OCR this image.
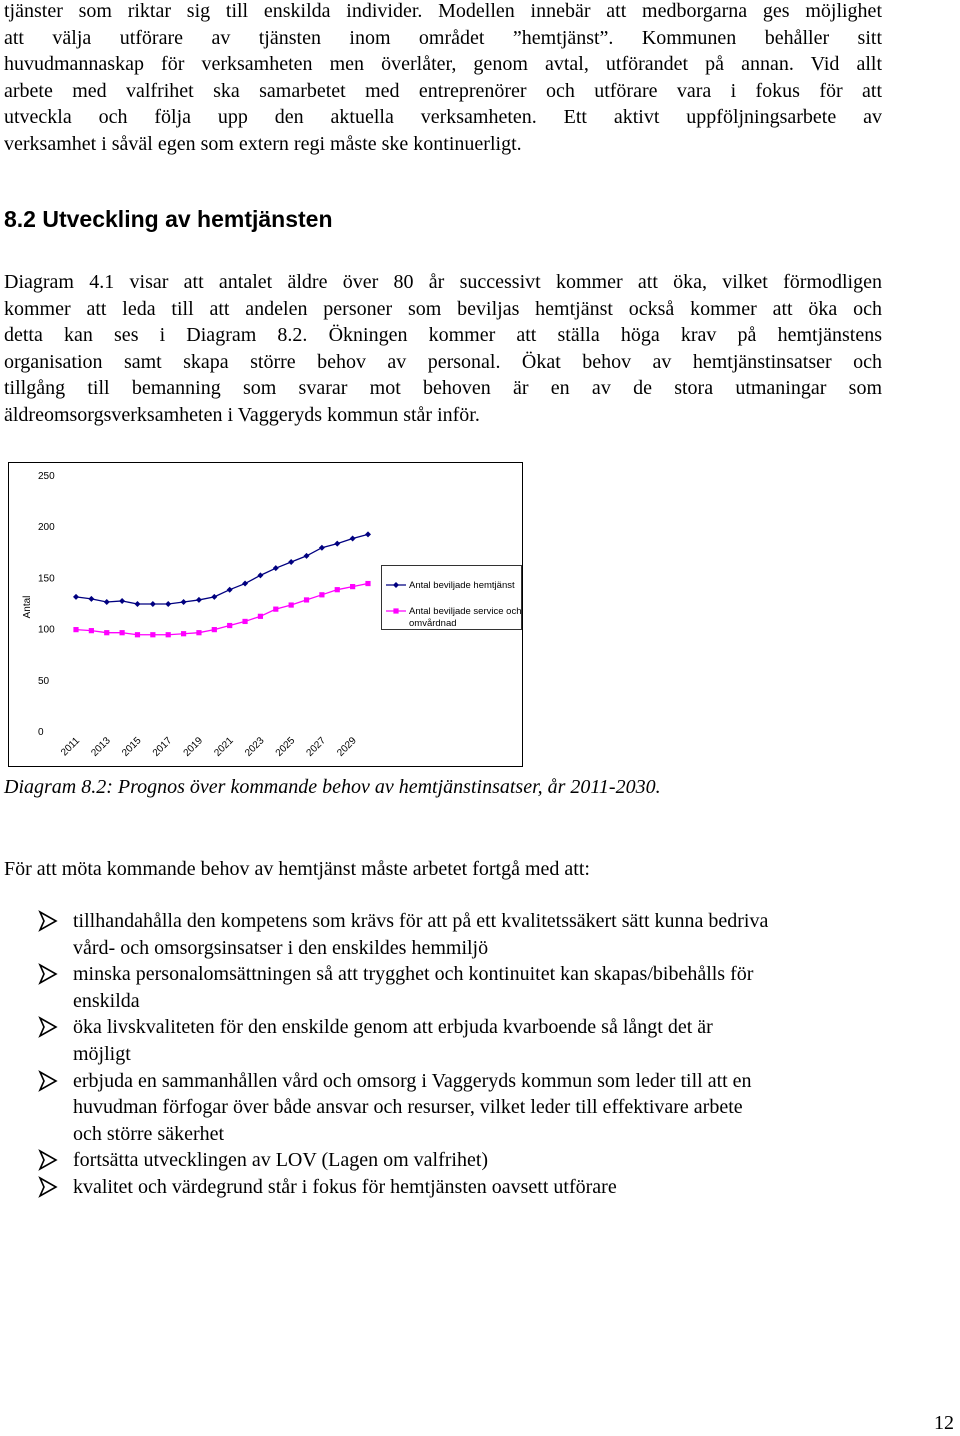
tjänster som riktar sig till enskilda individer. Modellen innebär att medborgarna ges möjlighet
att välja utförare av tjänsten inom området ”hemtjänst”. Kommunen behåller sitt
huvudmannaskap för verksamheten men överlåter, genom avtal, utförandet på annan. Vid allt
arbete med valfrihet ska samarbetet med entreprenörer och utförare vara i fokus för att
utveckla och följa upp den aktuella verksamheten. Ett aktivt uppföljningsarbete av
verksamhet i såväl egen som extern regi måste ske kontinuerligt.
8.2 Utveckling av hemtjänsten
Diagram 4.1 visar att antalet äldre över 80 år successivt kommer att öka, vilket förmodligen
kommer att leda till att andelen personer som beviljas hemtjänst också kommer att öka och
detta kan ses i Diagram 8.2. Ökningen kommer att ställa höga krav på hemtjänstens
organisation samt skapa större behov av personal. Ökat behov av hemtjänstinsatser och
tillgång till bemanning som svarar mot behoven är en av de stora utmaningar som
äldreomsorgsverksamheten i Vaggeryds kommun står inför.
0
50
100
150
200
250
Antal
2011 2013 2015 2017 2019 2021 2023 2025 2027 2029
Antal beviljade hemtjänst
Antal beviljade service och omvårdnad

Diagram 8.2: Prognos över kommande behov av hemtjänstinsatser, år 2011-2030.

För att möta kommande behov av hemtjänst måste arbetet fortgå med att:

tillhandahålla den kompetens som krävs för att på ett kvalitetssäkert sätt kunna bedriva
vård- och omsorgsinsatser i den enskildes hemmiljö
minska personalomsättningen så att trygghet och kontinuitet kan skapas/bibehålls för
enskilda
öka livskvaliteten för den enskilde genom att erbjuda kvarboende så långt det är
möjligt
erbjuda en sammanhållen vård och omsorg i Vaggeryds kommun som leder till att en
huvudman förfogar över både ansvar och resurser, vilket leder till effektivare arbete
och större säkerhet
fortsätta utvecklingen av LOV (Lagen om valfrihet)
kvalitet och värdegrund står i fokus för hemtjänsten oavsett utförare

12
